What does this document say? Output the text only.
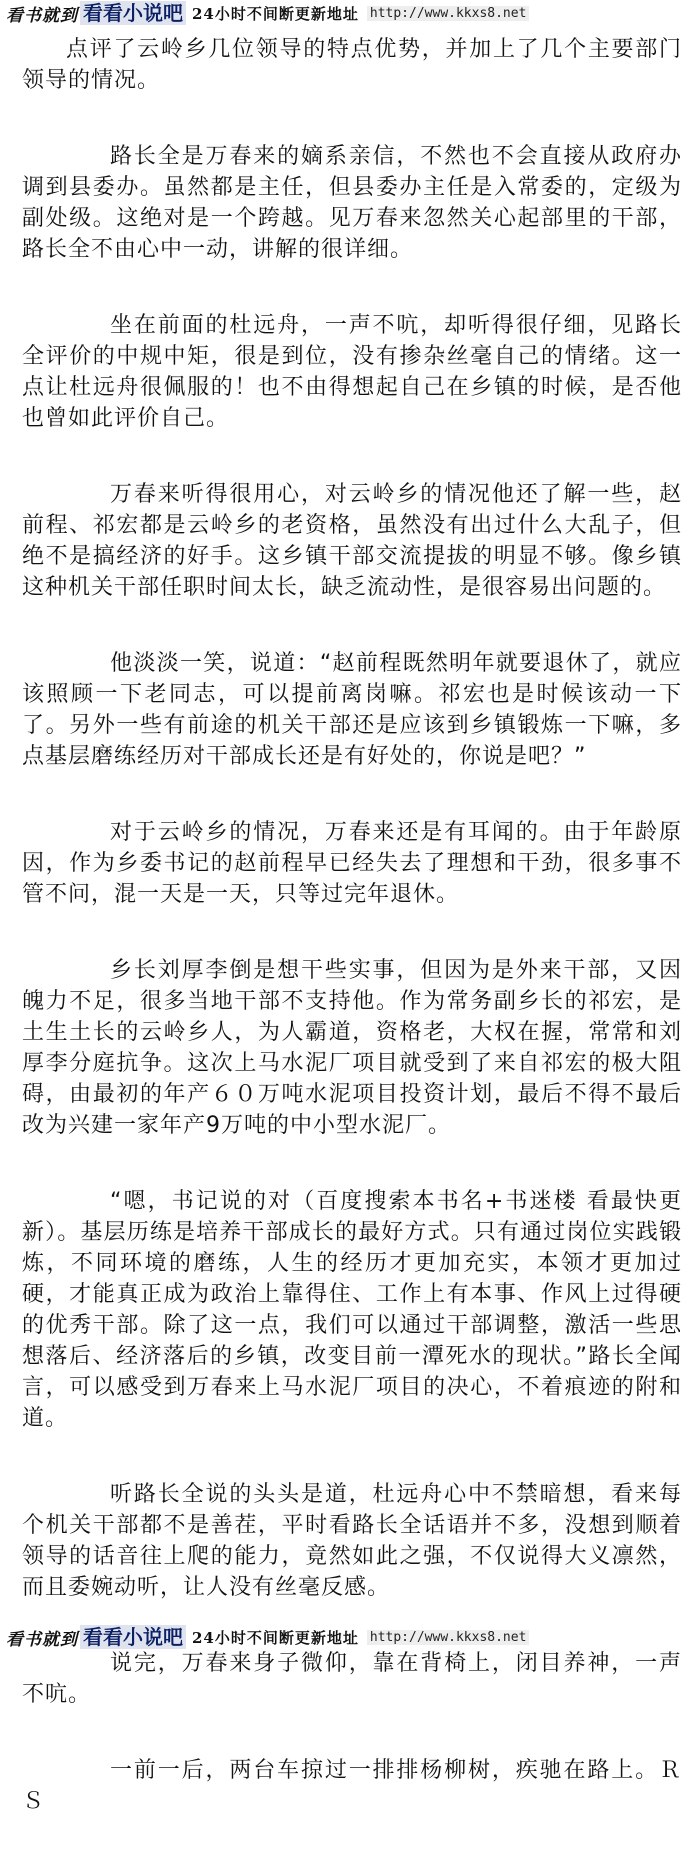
看书就到 看看小说吧 24小时不间断更新地址 http://www.kkxs8.net

点评了云岭乡几位领导的特点优势，并加上了几个主要部门领导的情况。

路长全是万春来的嫡系亲信，不然也不会直接从政府办调到县委办。虽然都是主任，但县委办主任是入常委的，定级为副处级。这绝对是一个跨越。见万春来忽然关心起部里的干部，路长全不由心中一动，讲解的很详细。

坐在前面的杜远舟，一声不吭，却听得很仔细，见路长全评价的中规中矩，很是到位，没有掺杂丝毫自己的情绪。这一点让杜远舟很佩服的！也不由得想起自己在乡镇的时候，是否他也曾如此评价自己。

万春来听得很用心，对云岭乡的情况他还了解一些，赵前程、祁宏都是云岭乡的老资格，虽然没有出过什么大乱子，但绝不是搞经济的好手。这乡镇干部交流提拔的明显不够。像乡镇这种机关干部任职时间太长，缺乏流动性，是很容易出问题的。

他淡淡一笑，说道：“赵前程既然明年就要退休了，就应该照顾一下老同志，可以提前离岗嘛。祁宏也是时候该动一下了。另外一些有前途的机关干部还是应该到乡镇锻炼一下嘛，多点基层磨练经历对干部成长还是有好处的，你说是吧？”

对于云岭乡的情况，万春来还是有耳闻的。由于年龄原因，作为乡委书记的赵前程早已经失去了理想和干劲，很多事不管不问，混一天是一天，只等过完年退休。

乡长刘厚李倒是想干些实事，但因为是外来干部，又因魄力不足，很多当地干部不支持他。作为常务副乡长的祁宏，是土生土长的云岭乡人，为人霸道，资格老，大权在握，常常和刘厚李分庭抗争。这次上马水泥厂项目就受到了来自祁宏的极大阻碍，由最初的年产６０万吨水泥项目投资计划，最后不得不最后改为兴建一家年产9万吨的中小型水泥厂。

“嗯，书记说的对（百度搜索本书名+书迷楼 看最快更新）。基层历练是培养干部成长的最好方式。只有通过岗位实践锻炼，不同环境的磨练，人生的经历才更加充实，本领才更加过硬，才能真正成为政治上靠得住、工作上有本事、作风上过得硬的优秀干部。除了这一点，我们可以通过干部调整，激活一些思想落后、经济落后的乡镇，改变目前一潭死水的现状。”路长全闻言，可以感受到万春来上马水泥厂项目的决心，不着痕迹的附和道。

听路长全说的头头是道，杜远舟心中不禁暗想，看来每个机关干部都不是善茬，平时看路长全话语并不多，没想到顺着领导的话音往上爬的能力，竟然如此之强，不仅说得大义凛然，而且委婉动听，让人没有丝毫反感。

说完，万春来身子微仰，靠在背椅上，闭目养神，一声不吭。

一前一后，两台车掠过一排排杨柳树，疾驰在路上。ＲＳ

看书就到 看看小说吧 24小时不间断更新地址 http://www.kkxs8.net
